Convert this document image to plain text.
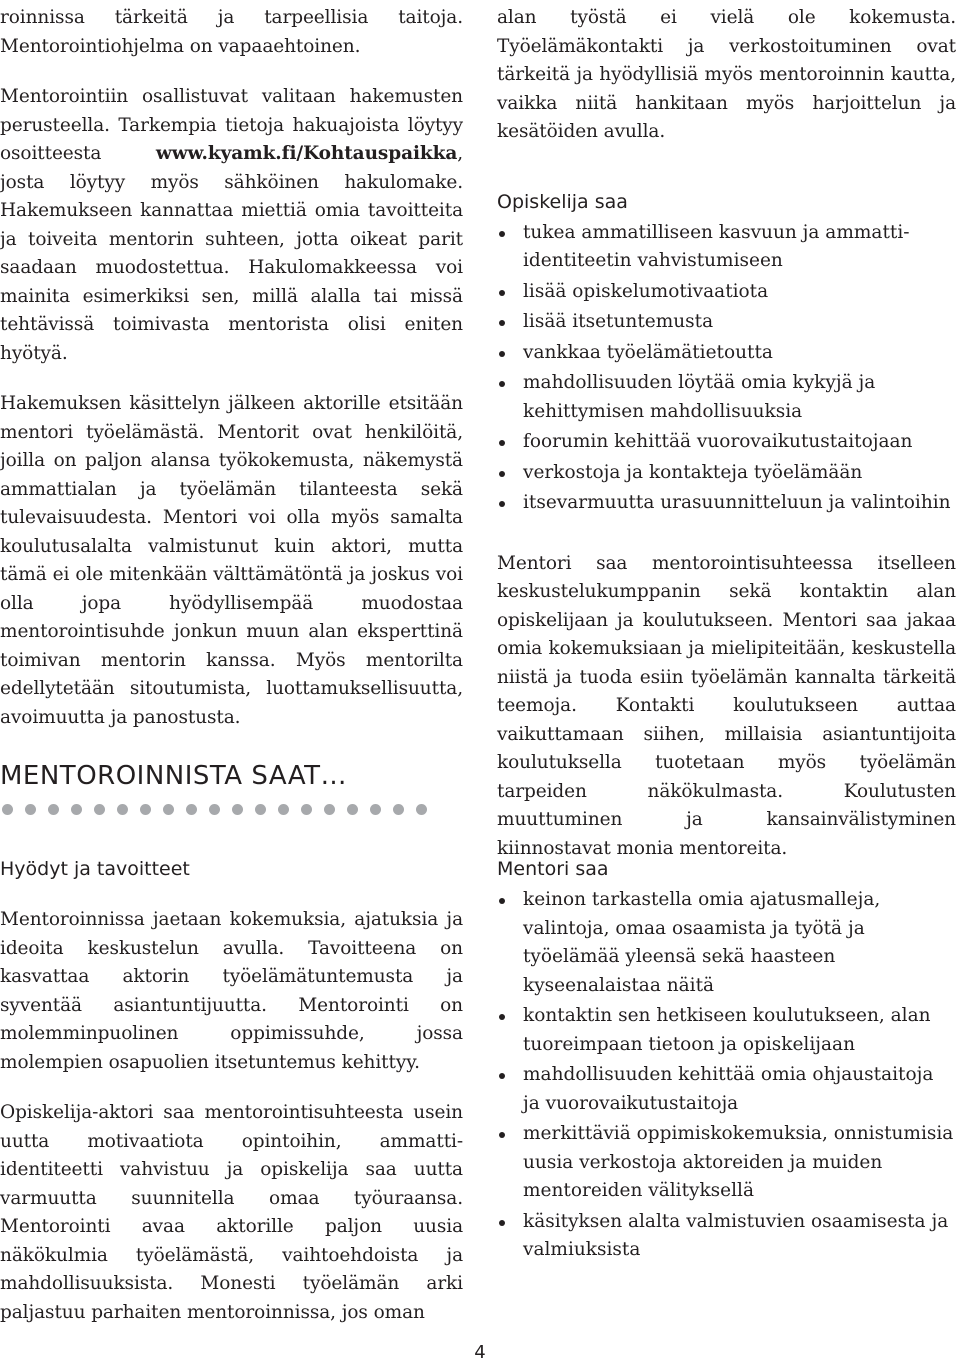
roinnissa tärkeitä ja tarpeellisia taitoja. Mentorointiohjelma on vapaaehtoinen.

Mentorointiin osallistuvat valitaan hakemusten perusteella. Tarkempia tietoja hakuajoista löytyy osoitteesta www.kyamk.fi/Kohtauspaikka, josta löytyy myös sähköinen hakulomake. Hakemukseen kannattaa miettiä omia tavoitteita ja toiveita mentorin suhteen, jotta oikeat parit saadaan muodostettua. Hakulomakkeessa voi mainita esimerkiksi sen, millä alalla tai missä tehtävissä toimivasta mentorista olisi eniten hyötyä.

Hakemuksen käsittelyn jälkeen aktorille etsitään mentori työelämästä. Mentorit ovat henkilöitä, joilla on paljon alansa työkokemusta, näkemystä ammattialan ja työelämän tilanteesta sekä tulevaisuudesta. Mentori voi olla myös samalta koulutusalalta valmistunut kuin aktori, mutta tämä ei ole mitenkään välttämätöntä ja joskus voi olla jopa hyödyllisempää muodostaa mentorointisuhde jonkun muun alan eksperttinä toimivan mentorin kanssa. Myös mentorilta edellytetään sitoutumista, luottamuksellisuutta, avoimuutta ja panostusta.

MENTOROINNISTA SAAT…

alan työstä ei vielä ole kokemusta. Työelämäkontakti ja verkostoituminen ovat tärkeitä ja hyödyllisiä myös mentoroinnin kautta, vaikka niitä hankitaan myös harjoittelun ja kesätöiden avulla.

Opiskelija saa
tukea ammatilliseen kasvuun ja ammatti-identiteetin vahvistumiseen
lisää opiskelumotivaatiota
lisää itsetuntemusta
vankkaa työelämätietoutta
mahdollisuuden löytää omia kykyjä ja kehittymisen mahdollisuuksia
foorumin kehittää vuorovaikutustaitojaan
verkostoja ja kontakteja työelämään
itsevarmuutta urasuunnitteluun ja valintoihin

Mentori saa mentorointisuhteessa itselleen keskustelukumppanin sekä kontaktin alan opiskelijaan ja koulutukseen. Mentori saa jakaa omia kokemuksiaan ja mielipiteitään, keskustella niistä ja tuoda esiin työelämän kannalta tärkeitä teemoja. Kontakti koulutukseen auttaa vaikuttamaan siihen, millaisia asiantuntijoita koulutuksella tuotetaan myös työelämän tarpeiden näkökulmasta. Koulutusten muuttuminen ja kansainvälistyminen kiinnostavat monia mentoreita.

Hyödyt ja tavoitteet

Mentoroinnissa jaetaan kokemuksia, ajatuksia ja ideoita keskustelun avulla. Tavoitteena on kasvattaa aktorin työelämätuntemusta ja syventää asiantuntijuutta. Mentorointi on molemminpuolinen oppimissuhde, jossa molempien osapuolien itsetuntemus kehittyy.

Opiskelija-aktori saa mentorointisuhteesta usein uutta motivaatiota opintoihin, ammatti-identiteetti vahvistuu ja opiskelija saa uutta varmuutta suunnitella omaa työuraansa. Mentorointi avaa aktorille paljon uusia näkökulmia työelämästä, vaihtoehdoista ja mahdollisuuksista. Monesti työelämän arki paljastuu parhaiten mentoroinnissa, jos oman

Mentori saa
keinon tarkastella omia ajatusmalleja, valintoja, omaa osaamista ja työtä ja työelämää yleensä sekä haasteen kyseenalaistaa näitä
kontaktin sen hetkiseen koulutukseen, alan tuoreimpaan tietoon ja opiskelijaan
mahdollisuuden kehittää omia ohjaustaitoja ja vuorovaikutustaitoja
merkittäviä oppimiskokemuksia, onnistumisia uusia verkostoja aktoreiden ja muiden mentoreiden välityksellä
käsityksen alalta valmistuvien osaamisesta ja valmiuksista
4
